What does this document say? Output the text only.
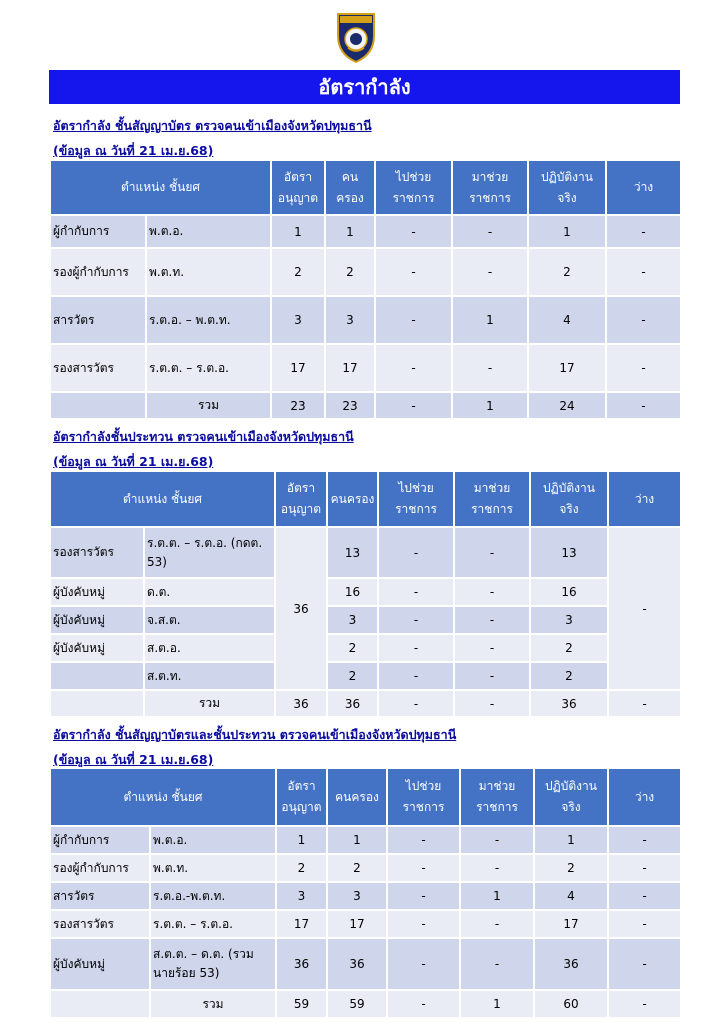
อัตรากำลัง
อัตรากำลัง ชั้นสัญญาบัตร ตรวจคนเข้าเมืองจังหวัดปทุมธานี
(ข้อมูล ณ วันที่ 21 เม.ย.68)
ตำแหน่ง ชั้นยศ		อัตรา อนุญาต	คน ครอง	ไปช่วย ราชการ	มาช่วย ราชการ	ปฏิบัติงาน จริง	ว่าง
ผู้กำกับการ	พ.ต.อ.	1	1	-	-	1	-
รองผู้กำกับการ	พ.ต.ท.	2	2	-	-	2	-
สารวัตร	ร.ต.อ. – พ.ต.ท.	3	3	-	1	4	-
รองสารวัตร	ร.ต.ต. – ร.ต.อ.	17	17	-	-	17	-
	รวม	23	23	-	1	24	-
อัตรากำลังชั้นประทวน ตรวจคนเข้าเมืองจังหวัดปทุมธานี
(ข้อมูล ณ วันที่ 21 เม.ย.68)
ตำแหน่ง ชั้นยศ		อัตรา อนุญาต	คนครอง	ไปช่วย ราชการ	มาช่วย ราชการ	ปฏิบัติงาน จริง	ว่าง
รองสารวัตร	ร.ต.ต. – ร.ต.อ. (กดต. 53)	36	13	-	-	13	-
ผู้บังคับหมู่	ด.ต.		16	-	-	16	
ผู้บังคับหมู่	จ.ส.ต.		3	-	-	3	
ผู้บังคับหมู่	ส.ต.อ.		2	-	-	2	
	ส.ต.ท.		2	-	-	2	
	รวม	36	36	-	-	36	-
อัตรากำลัง ชั้นสัญญาบัตรและชั้นประทวน ตรวจคนเข้าเมืองจังหวัดปทุมธานี
(ข้อมูล ณ วันที่ 21 เม.ย.68)
ตำแหน่ง ชั้นยศ		อัตรา อนุญาต	คนครอง	ไปช่วย ราชการ	มาช่วย ราชการ	ปฏิบัติงาน จริง	ว่าง
ผู้กำกับการ	พ.ต.อ.	1	1	-	-	1	-
รองผู้กำกับการ	พ.ต.ท.	2	2	-	-	2	-
สารวัตร	ร.ต.อ.-พ.ต.ท.	3	3	-	1	4	-
รองสารวัตร	ร.ต.ต. – ร.ต.อ.	17	17	-	-	17	-
ผู้บังคับหมู่	ส.ต.ต. – ด.ต. (รวมนายร้อย 53)	36	36	-	-	36	-
	รวม	59	59	-	1	60	-
